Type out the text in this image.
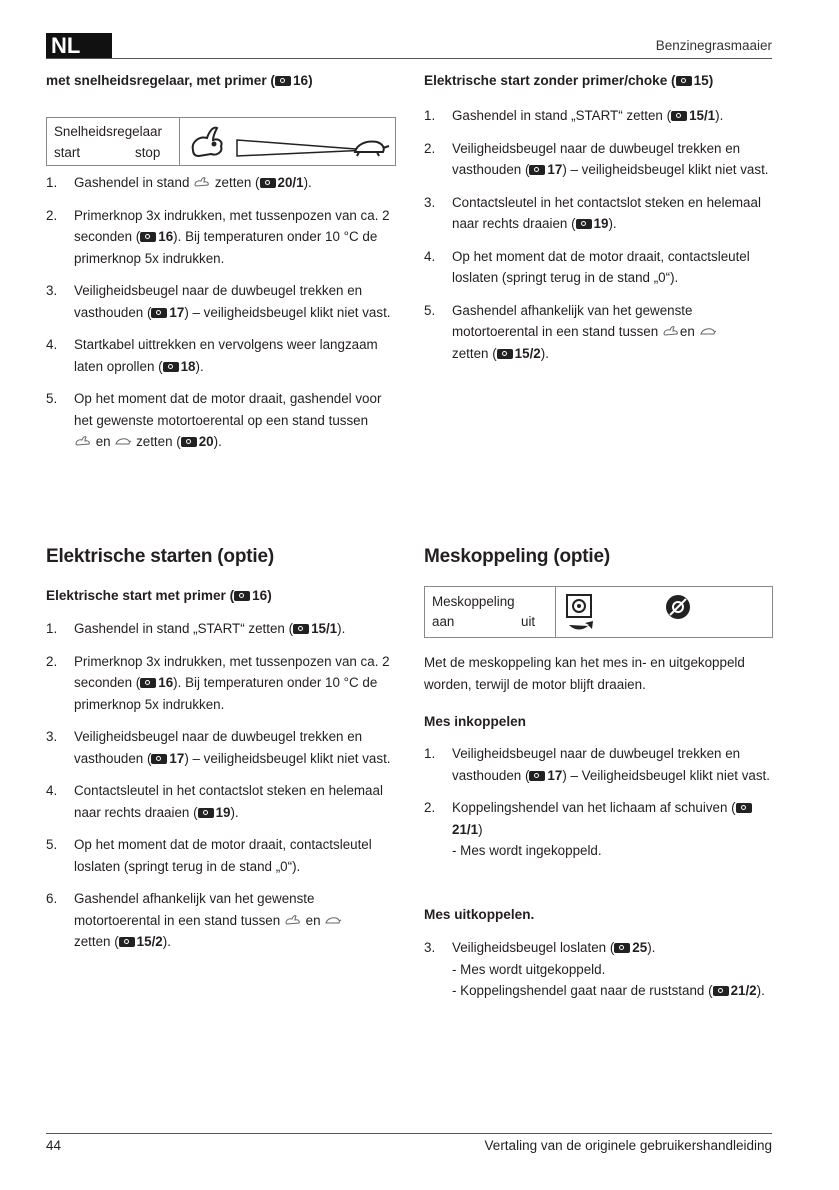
NL	Benzinegrasmaaier
met snelheidsregelaar, met primer ( 16)
Snelheidsregelaar
start	stop
1. Gashendel in stand
zetten ( 20/1).
2. Primerknop 3x indrukken, met tussenpozen van ca. 2 seconden ( 16). Bij temperaturen onder 10 °C de primerknop 5x indrukken.
3. Veiligheidsbeugel naar de duwbeugel trekken en vasthouden ( 17) – veiligheidsbeugel klikt niet vast.
4. Startkabel uittrekken en vervolgens weer langzaam laten oprollen ( 18).
5. Op het moment dat de motor draait, gashendel voor het gewenste motortoerental op een stand tussen

en
zetten ( 20).
Elektrische start zonder primer/choke ( 15)
1. Gashendel in stand „START“ zetten ( 15/1).
2. Veiligheidsbeugel naar de duwbeugel trekken en vasthouden ( 17) – veiligheidsbeugel klikt niet vast.
3. Contactsleutel in het contactslot steken en helemaal naar rechts draaien ( 19).
4. Op het moment dat de motor draait, contactsleutel loslaten (springt terug in de stand „0“).
5. Gashendel afhankelijk van het gewenste motortoerental in een stand tussen
en

zetten ( 15/2).
Elektrische starten (optie)
Elektrische start met primer ( 16)
1. Gashendel in stand „START“ zetten ( 15/1).
2. Primerknop 3x indrukken, met tussenpozen van ca. 2 seconden ( 16). Bij temperaturen onder 10 °C de primerknop 5x indrukken.
3. Veiligheidsbeugel naar de duwbeugel trekken en vasthouden ( 17) – veiligheidsbeugel klikt niet vast.
4. Contactsleutel in het contactslot steken en helemaal naar rechts draaien ( 19).
5. Op het moment dat de motor draait, contactsleutel loslaten (springt terug in de stand „0“).
6. Gashendel afhankelijk van het gewenste motortoerental in een stand tussen
en

zetten ( 15/2).
Meskoppeling (optie)
Meskoppeling
aan	uit
Met de meskoppeling kan het mes in- en uitgekoppeld worden, terwijl de motor blijft draaien.
Mes inkoppelen
1. Veiligheidsbeugel naar de duwbeugel trekken en vasthouden ( 17) – Veiligheidsbeugel klikt niet vast.
2. Koppelingshendel van het lichaam af schuiven (21/1)
- Mes wordt ingekoppeld.
Mes uitkoppelen.
3. Veiligheidsbeugel loslaten ( 25).
- Mes wordt uitgekoppeld.
- Koppelingshendel gaat naar de ruststand ( 21/2).
44	Vertaling van de originele gebruikershandleiding
